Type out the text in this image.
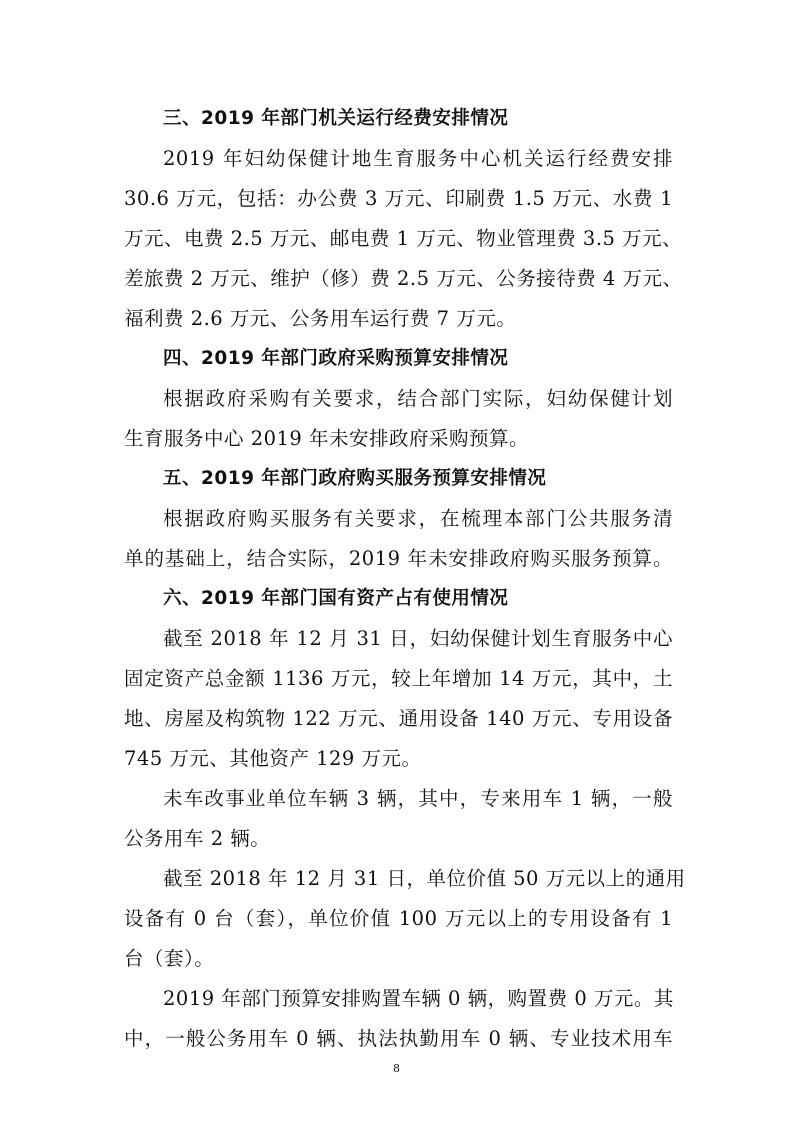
三、2019 年部门机关运行经费安排情况
2019 年妇幼保健计地生育服务中心机关运行经费安排
30.6 万元，包括：办公费 3 万元、印刷费 1.5 万元、水费 1
万元、电费 2.5 万元、邮电费 1 万元、物业管理费 3.5 万元、
差旅费 2 万元、维护（修）费 2.5 万元、公务接待费 4 万元、
福利费 2.6 万元、公务用车运行费 7 万元。
四、2019 年部门政府采购预算安排情况
根据政府采购有关要求，结合部门实际，妇幼保健计划
生育服务中心 2019 年未安排政府采购预算。
五、2019 年部门政府购买服务预算安排情况
根据政府购买服务有关要求，在梳理本部门公共服务清
单的基础上，结合实际，2019 年未安排政府购买服务预算。
六、2019 年部门国有资产占有使用情况
截至 2018 年 12 月 31 日，妇幼保健计划生育服务中心
固定资产总金额 1136 万元，较上年增加 14 万元，其中，土
地、房屋及构筑物 122 万元、通用设备 140 万元、专用设备
745 万元、其他资产 129 万元。
未车改事业单位车辆 3 辆，其中，专来用车 1 辆，一般
公务用车 2 辆。
截至 2018 年 12 月 31 日，单位价值 50 万元以上的通用
设备有 0 台（套），单位价值 100 万元以上的专用设备有 1
台（套）。
2019 年部门预算安排购置车辆 0 辆，购置费 0 万元。其
中，一般公务用车 0 辆、执法执勤用车 0 辆、专业技术用车
8
